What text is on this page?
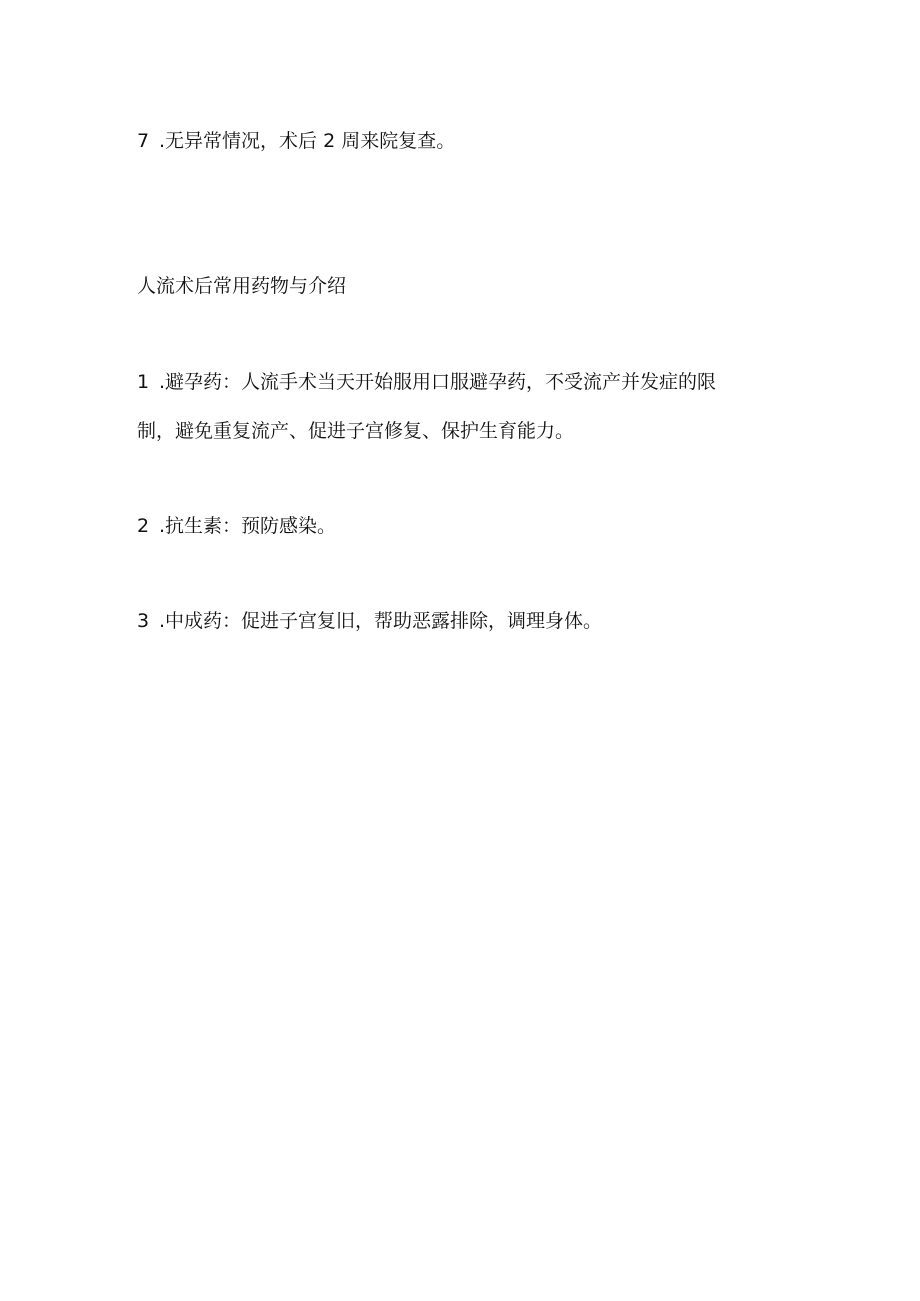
7 .无异常情况，术后 2 周来院复查。
人流术后常用药物与介绍
1 .避孕药：人流手术当天开始服用口服避孕药，不受流产并发症的限
制，避免重复流产、促进子宫修复、保护生育能力。
2 .抗生素：预防感染。
3 .中成药：促进子宫复旧，帮助恶露排除，调理身体。
